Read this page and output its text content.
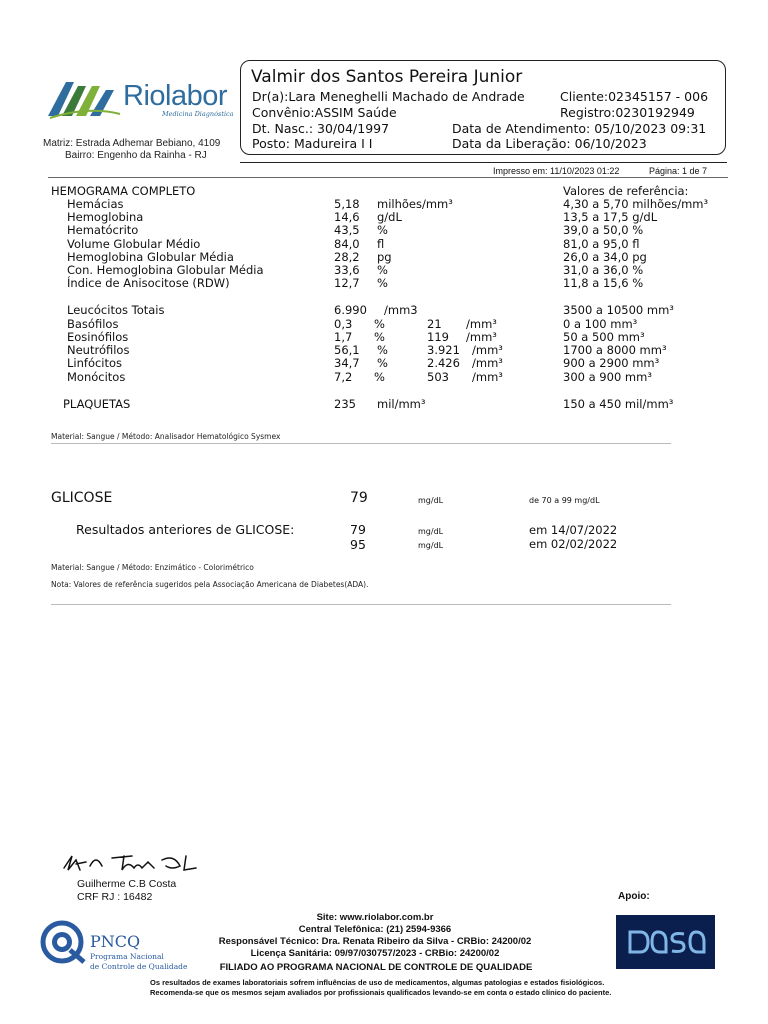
Riolabor
Medicina Diagnóstica
Matriz: Estrada Adhemar Bebiano, 4109
Bairro: Engenho da Rainha - RJ
Valmir dos Santos Pereira Junior
Dr(a):Lara Meneghelli Machado de Andrade	Cliente:02345157 - 006
Convênio:ASSIM Saúde	Registro:0230192949
Dt. Nasc.: 30/04/1997	Data de Atendimento: 05/10/2023 09:31
Posto: Madureira I I	Data da Liberação: 06/10/2023
Impresso em: 11/10/2023 01:22	Página: 1 de 7
HEMOGRAMA COMPLETO	Valores de referência:
Hemácias	5,18 milhões/mm³	4,30 a 5,70 milhões/mm³
Hemoglobina	14,6 g/dL	13,5 a 17,5 g/dL
Hematócrito	43,5 %	39,0 a 50,0 %
Volume Globular Médio	84,0 fl	81,0 a 95,0 fl
Hemoglobina Globular Média	28,2 pg	26,0 a 34,0 pg
Con. Hemoglobina Globular Média	33,6 %	31,0 a 36,0 %
Índice de Anisocitose (RDW)	12,7 %	11,8 a 15,6 %
Leucócitos Totais	6.990 /mm3	3500 a 10500 mm³
Basófilos	0,3 %	21 /mm³	0 a 100 mm³
Eosinófilos	1,7 %	119 /mm³	50 a 500 mm³
Neutrófilos	56,1 %	3.921 /mm³	1700 a 8000 mm³
Linfócitos	34,7 %	2.426 /mm³	900 a 2900 mm³
Monócitos	7,2 %	503 /mm³	300 a 900 mm³
PLAQUETAS	235 mil/mm³	150 a 450 mil/mm³
Material: Sangue / Método: Analisador Hematológico Sysmex
GLICOSE	79	mg/dL	de 70 a 99 mg/dL
Resultados anteriores de GLICOSE:	79	mg/dL	em 14/07/2022
95	mg/dL	em 02/02/2022
Material: Sangue / Método: Enzimático - Colorimétrico
Nota: Valores de referência sugeridos pela Associação Americana de Diabetes(ADA).
Guilherme C.B Costa
CRF RJ : 16482	Apoio:
PNCQ
Programa Nacional
de Controle de Qualidade
Site: www.riolabor.com.br
Central Telefônica: (21) 2594-9366
Responsável Técnico: Dra. Renata Ribeiro da Silva - CRBio: 24200/02
Licença Sanitária: 09/97/030757/2023 - CRBio: 24200/02
FILIADO AO PROGRAMA NACIONAL DE CONTROLE DE QUALIDADE
Os resultados de exames laboratoriais sofrem influências de uso de medicamentos, algumas patologias e estados fisiológicos.
Recomenda-se que os mesmos sejam avaliados por profissionais qualificados levando-se em conta o estado clínico do paciente.
